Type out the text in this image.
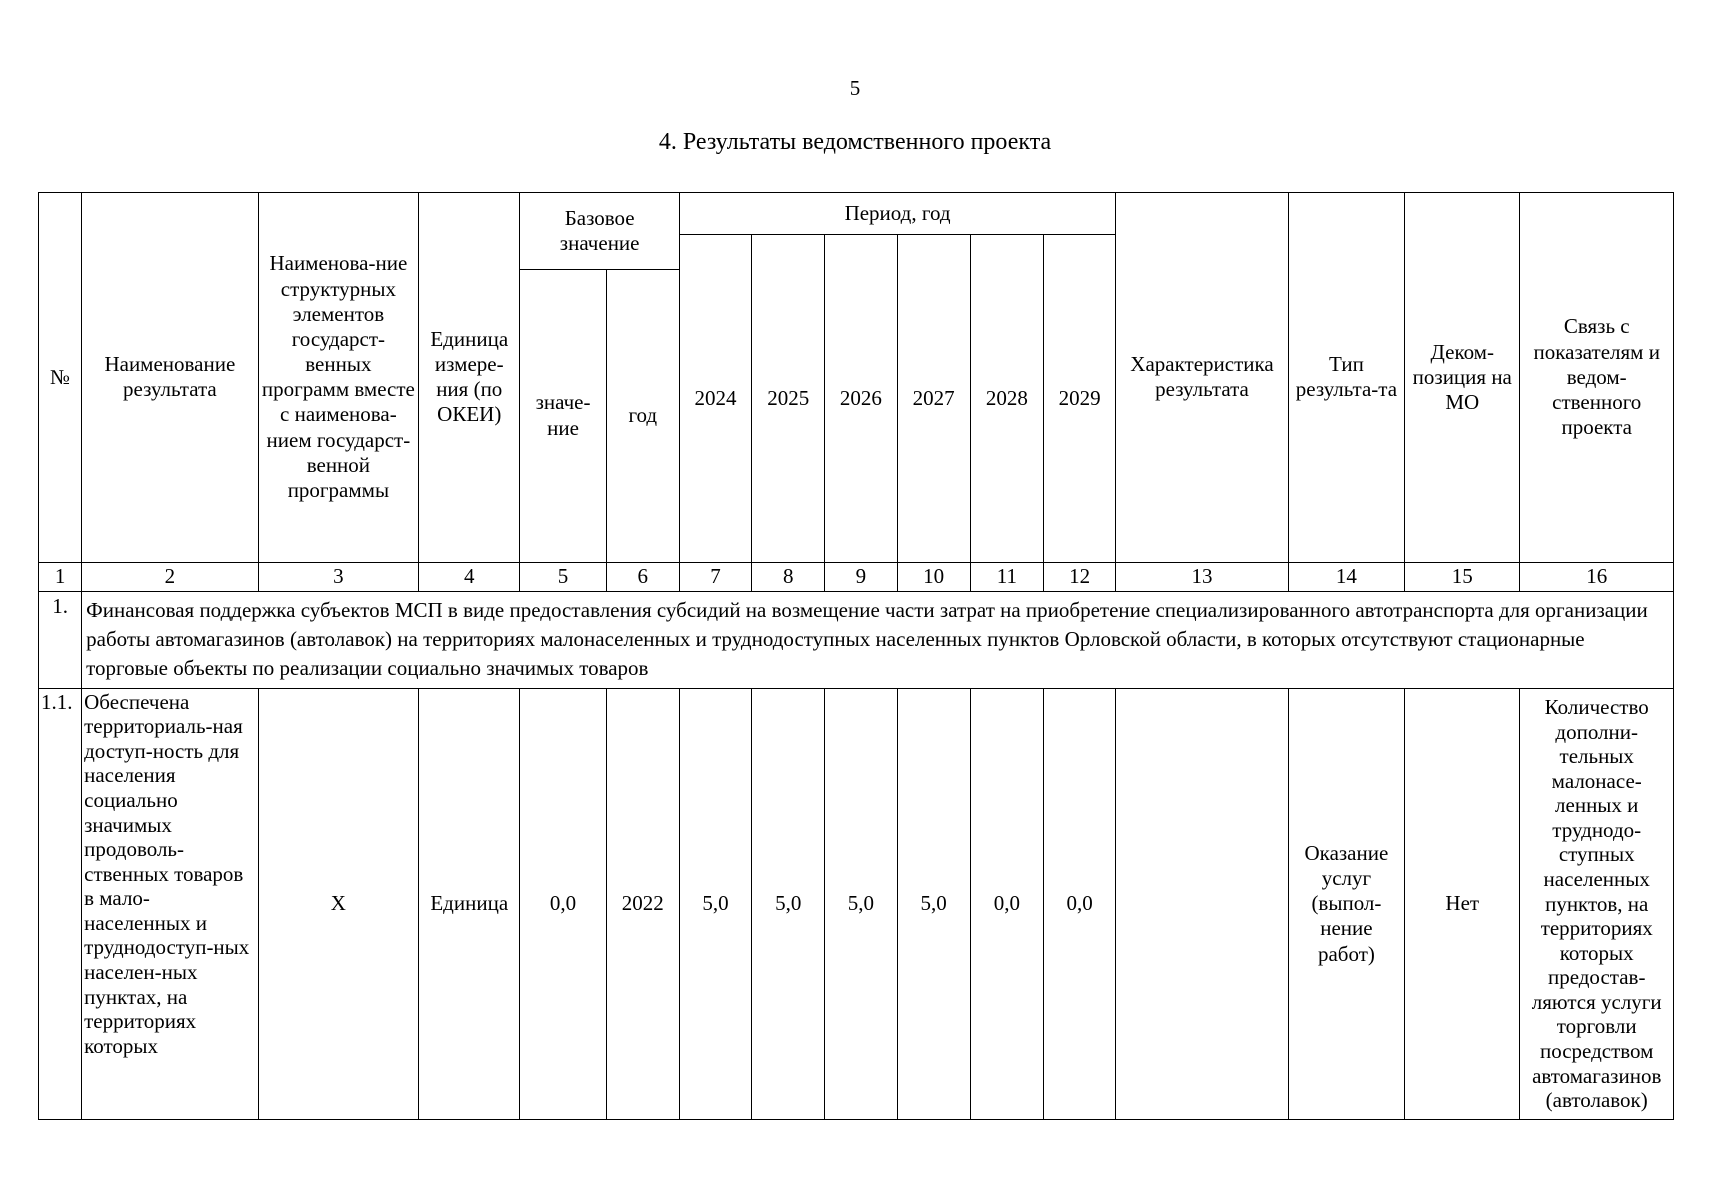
5
4. Результаты ведомственного проекта
№	Наименование результата	Наименова-ние структурных элементов государст-венных программ вместе с наименова-нием государст-венной программы	Единица измере-ния (по ОКЕИ)	Базовое значение		Период, год						Характеристика результата	Тип результа-та	Деком-позиция на МО	Связь с показателям и ведом-ственного проекта
						2024	2025	2026	2027	2028	2029				
				значе-ние	год										
1	2	3	4	5	6	7	8	9	10	11	12	13	14	15	16
1.	Финансовая поддержка субъектов МСП в виде предоставления субсидий на возмещение части затрат на приобретение специализированного автотранспорта для организации работы автомагазинов (автолавок) на территориях малонаселенных и труднодоступных населенных пунктов Орловской области, в которых отсутствуют стационарные торговые объекты по реализации социально значимых товаров														
1.1.	Обеспечена территориаль-ная доступ-ность для населения социально значимых продоволь-ственных товаров в мало-населенных и труднодоступ-ных населен-ных пунктах, на территориях которых	X	Единица	0,0	2022	5,0	5,0	5,0	5,0	0,0	0,0		Оказание услуг (выпол-нение работ)	Нет	Количество дополни-тельных малонасе-ленных и труднодо-ступных населенных пунктов, на территориях которых предостав-ляются услуги торговли посредством автомагазинов (автолавок)
